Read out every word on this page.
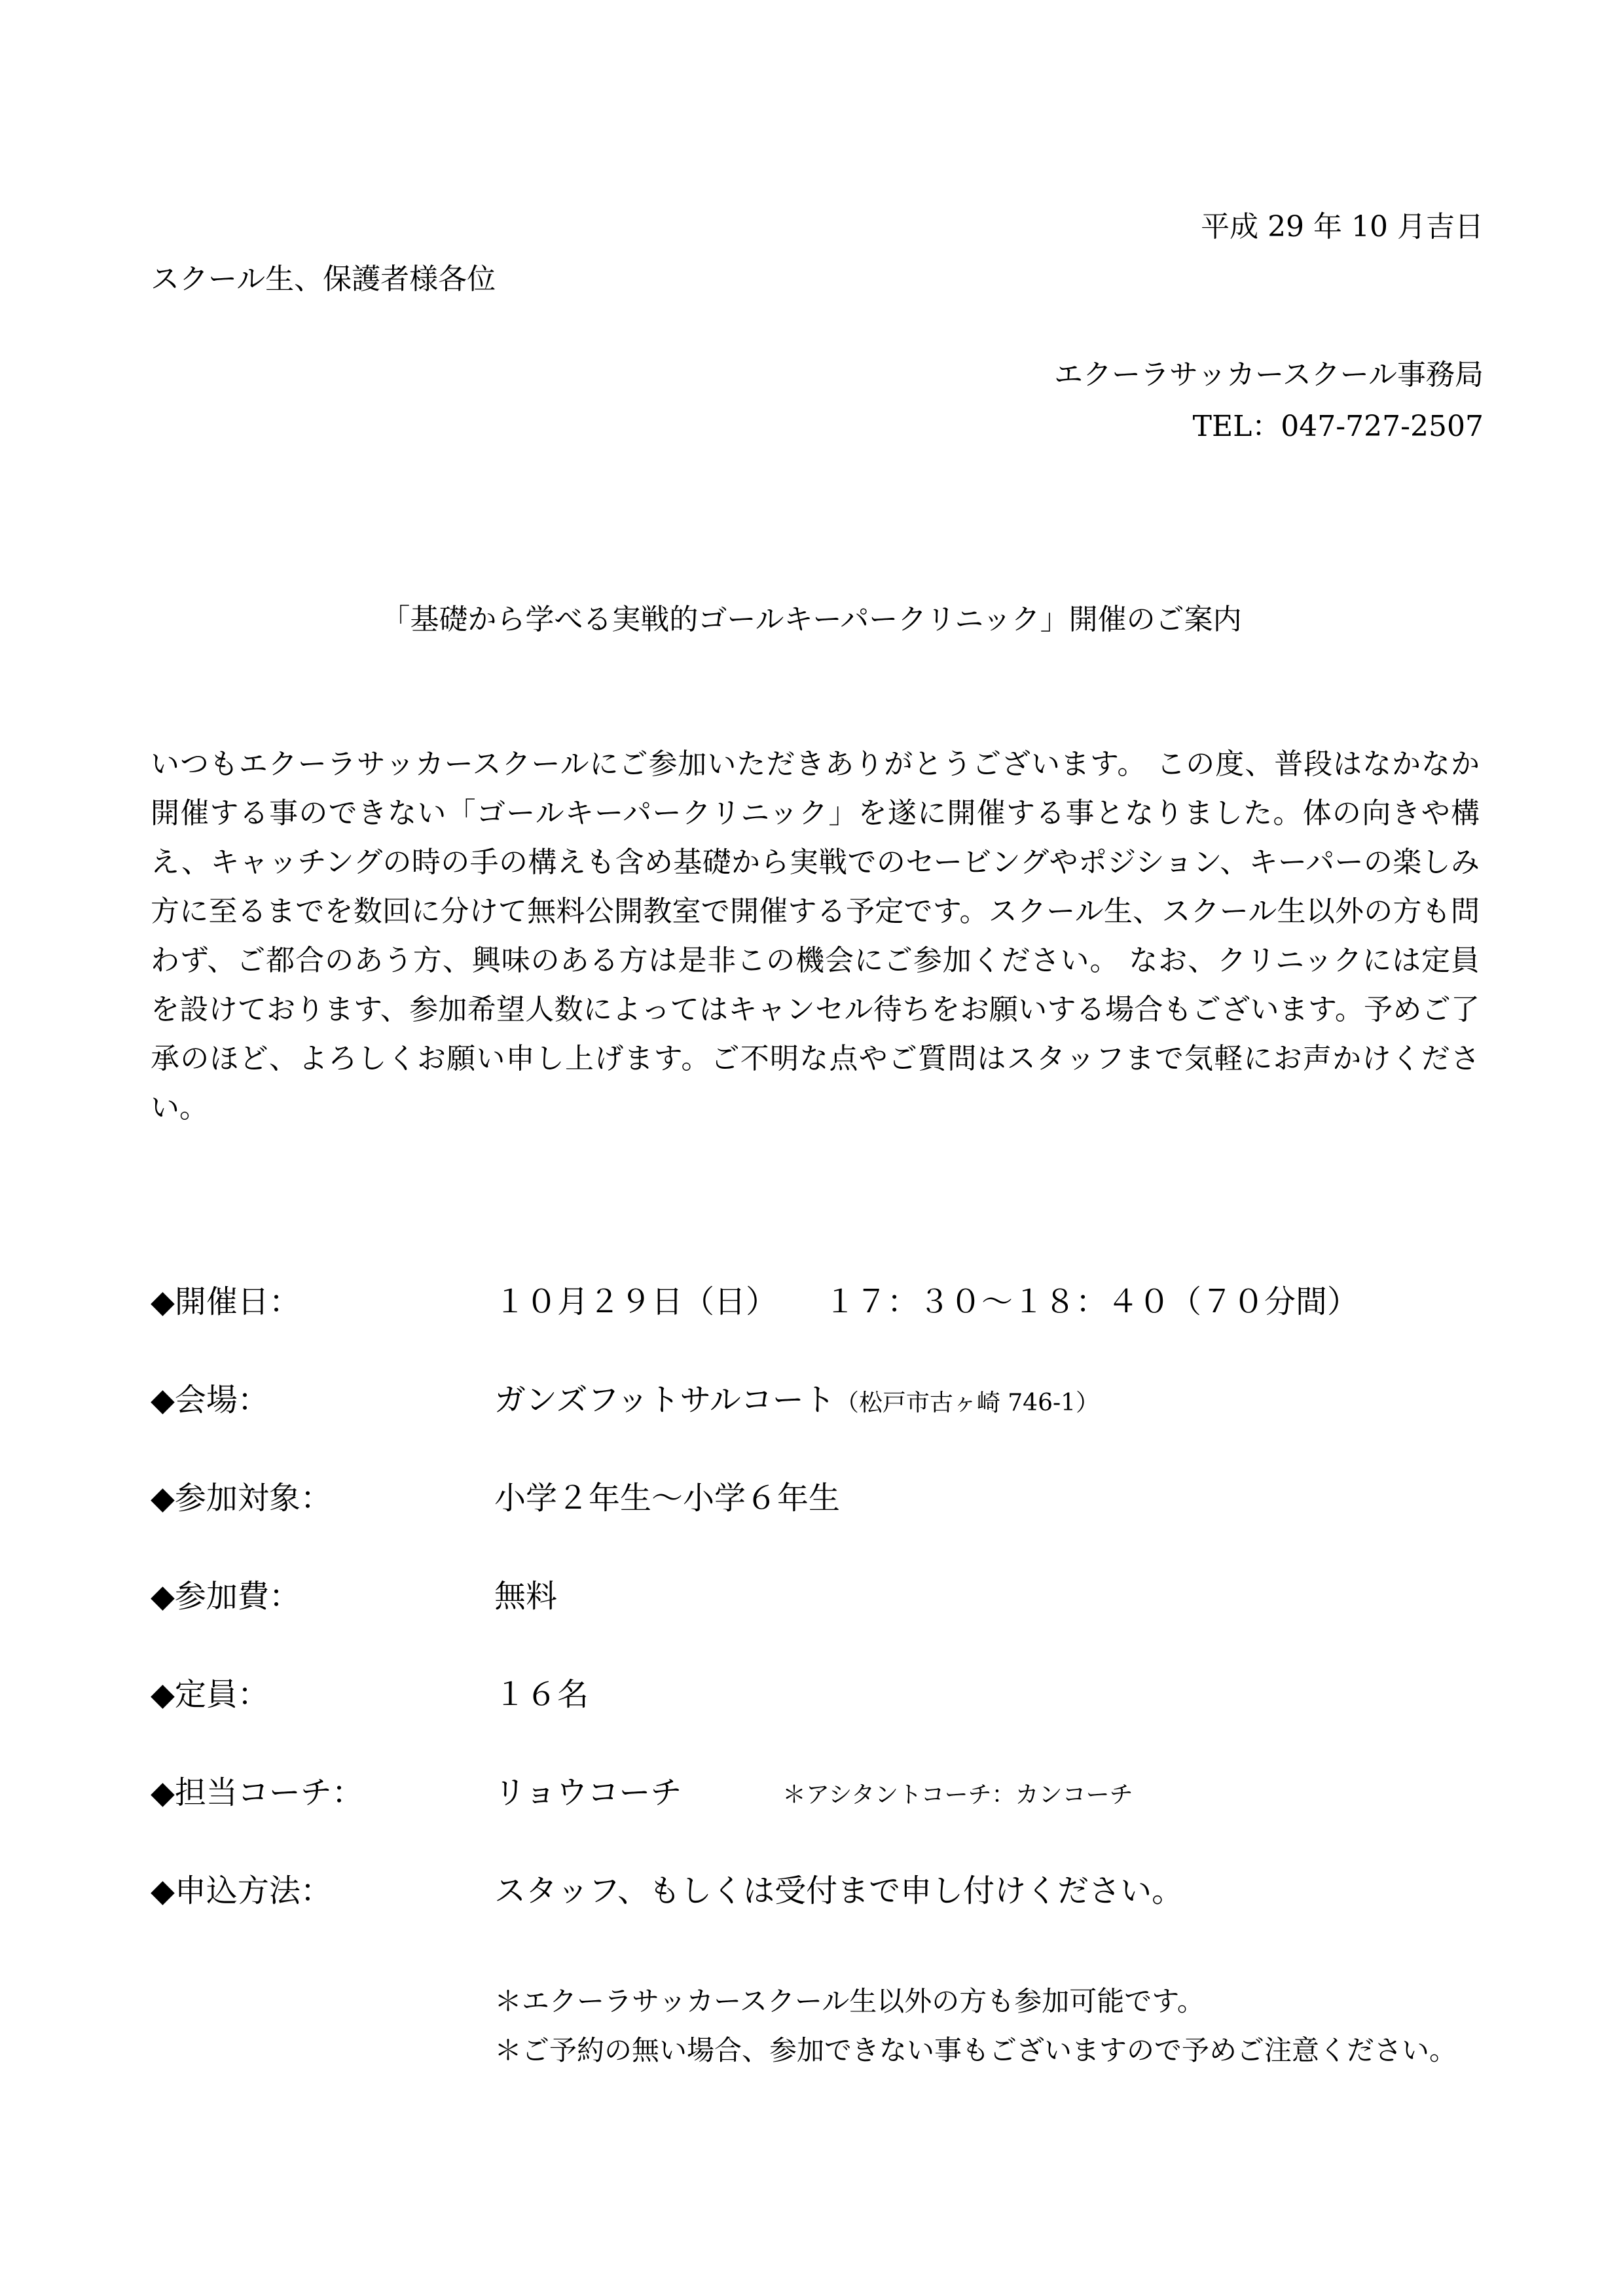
平成 29 年 10 月吉日
スクール生、保護者様各位
エクーラサッカースクール事務局
TEL：047-727-2507
「基礎から学べる実戦的ゴールキーパークリニック」開催のご案内
いつもエクーラサッカースクールにご参加いただきありがとうございます。 この度、普段はなかなか開催する事のできない「ゴールキーパークリニック」を遂に開催する事となりました。体の向きや構え、キャッチングの時の手の構えも含め基礎から実戦でのセービングやポジション、キーパーの楽しみ方に至るまでを数回に分けて無料公開教室で開催する予定です。スクール生、スクール生以外の方も問わず、ご都合のあう方、興味のある方は是非この機会にご参加ください。 なお、クリニックには定員を設けております、参加希望人数によってはキャンセル待ちをお願いする場合もございます。予めご了承のほど、よろしくお願い申し上げます。ご不明な点やご質問はスタッフまで気軽にお声かけください。
◆開催日：	１０月２９日（日）　　１７：３０～１８：４０（７０分間）
◆会場：	ガンズフットサルコート（松戸市古ヶ崎 746-1）
◆参加対象：	小学２年生～小学６年生
◆参加費：	無料
◆定員：	１６名
◆担当コーチ：	リョウコーチ	＊アシタントコーチ：カンコーチ
◆申込方法：	スタッフ、もしくは受付まで申し付けください。
＊エクーラサッカースクール生以外の方も参加可能です。
＊ご予約の無い場合、参加できない事もございますので予めご注意ください。
